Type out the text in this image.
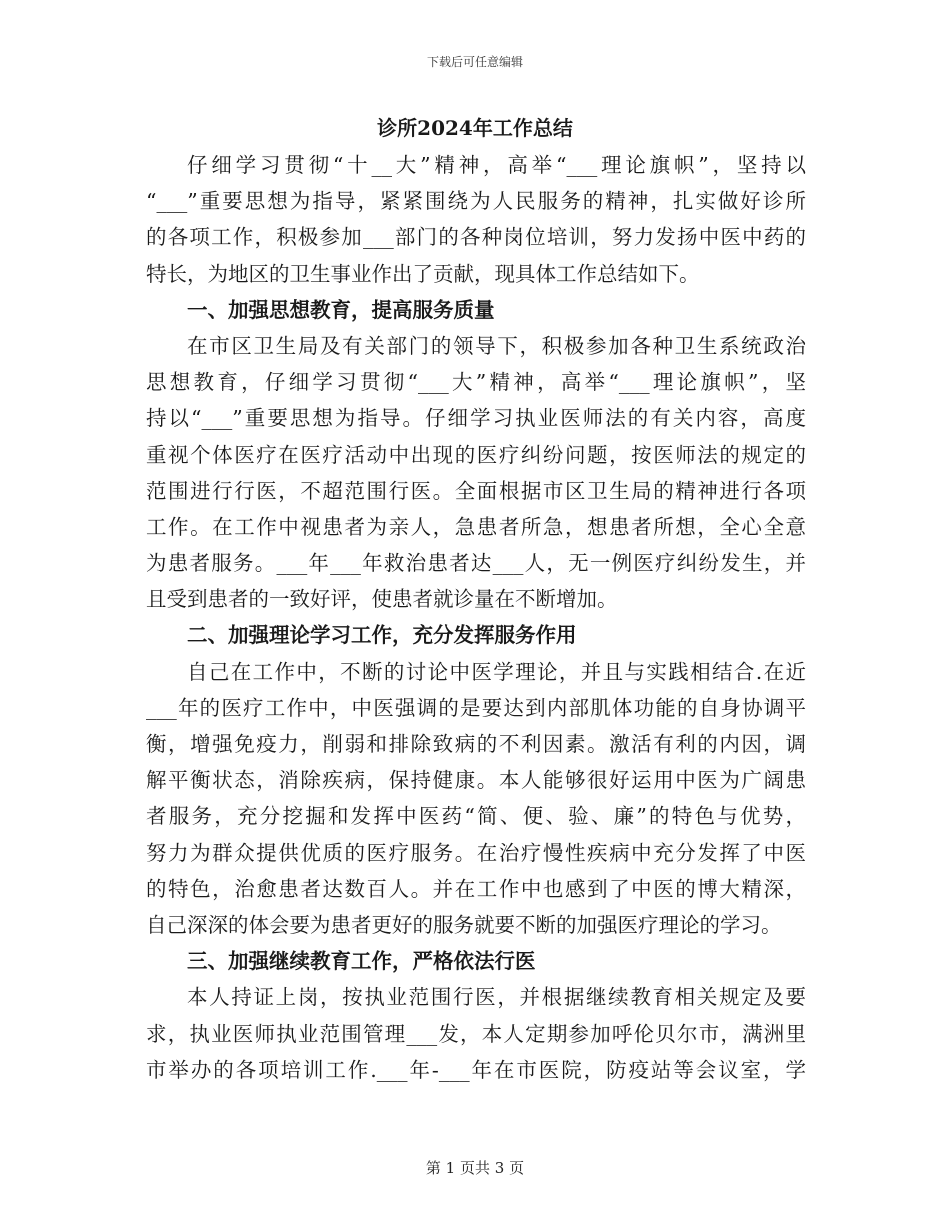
下载后可任意编辑
诊所2024年工作总结
仔细学习贯彻“十__大”精神，高举“___理论旗帜”，坚持以
“___”重要思想为指导，紧紧围绕为人民服务的精神，扎实做好诊所
的各项工作，积极参加___部门的各种岗位培训，努力发扬中医中药的
特长，为地区的卫生事业作出了贡献，现具体工作总结如下。
一、加强思想教育，提高服务质量
在市区卫生局及有关部门的领导下，积极参加各种卫生系统政治
思想教育，仔细学习贯彻“___大”精神，高举“___理论旗帜”，坚
持以“___”重要思想为指导。仔细学习执业医师法的有关内容，高度
重视个体医疗在医疗活动中出现的医疗纠纷问题，按医师法的规定的
范围进行行医，不超范围行医。全面根据市区卫生局的精神进行各项
工作。在工作中视患者为亲人，急患者所急，想患者所想，全心全意
为患者服务。___年___年救治患者达___人，无一例医疗纠纷发生，并
且受到患者的一致好评，使患者就诊量在不断增加。
二、加强理论学习工作，充分发挥服务作用
自己在工作中，不断的讨论中医学理论，并且与实践相结合.在近
___年的医疗工作中，中医强调的是要达到内部肌体功能的自身协调平
衡，增强免疫力，削弱和排除致病的不利因素。激活有利的内因，调
解平衡状态，消除疾病，保持健康。本人能够很好运用中医为广阔患
者服务，充分挖掘和发挥中医药“简、便、验、廉”的特色与优势，
努力为群众提供优质的医疗服务。在治疗慢性疾病中充分发挥了中医
的特色，治愈患者达数百人。并在工作中也感到了中医的博大精深，
自己深深的体会要为患者更好的服务就要不断的加强医疗理论的学习。
三、加强继续教育工作，严格依法行医
本人持证上岗，按执业范围行医，并根据继续教育相关规定及要
求，执业医师执业范围管理___发，本人定期参加呼伦贝尔市，满洲里
市举办的各项培训工作.___年-___年在市医院，防疫站等会议室，学
第 1 页共 3 页
